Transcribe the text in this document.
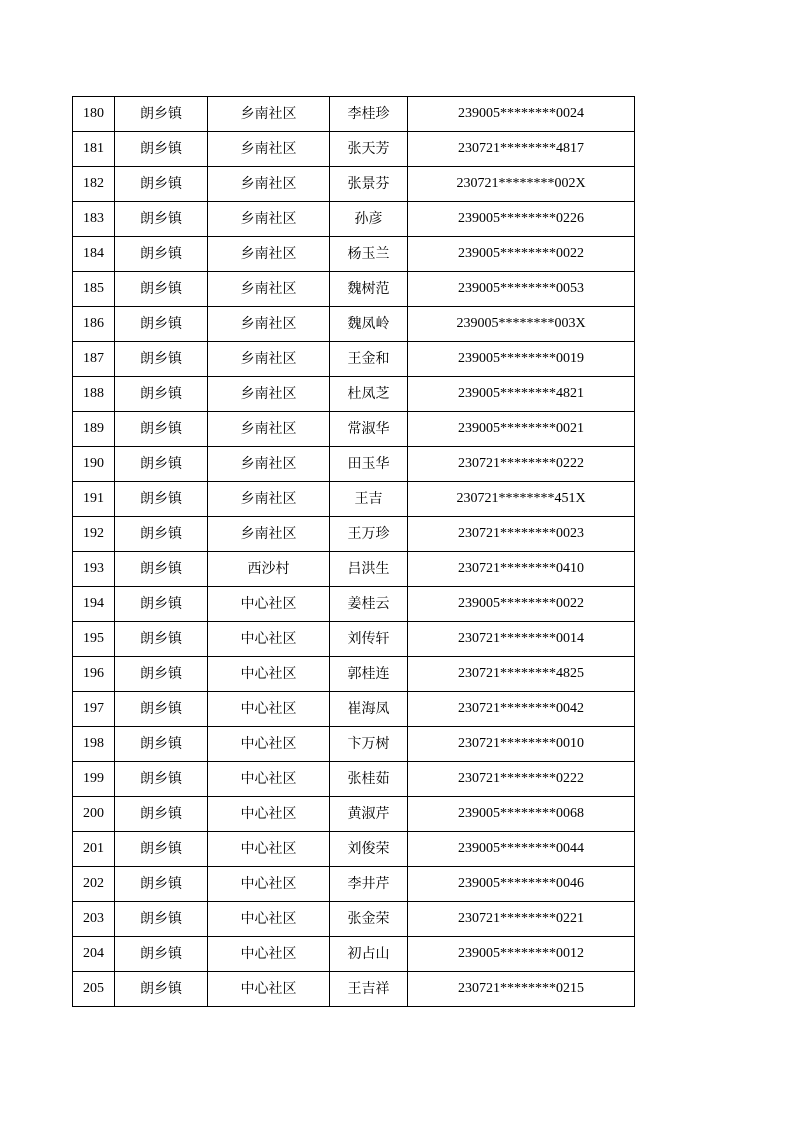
180	朗乡镇	乡南社区	李桂珍	239005********0024
181	朗乡镇	乡南社区	张天芳	230721********4817
182	朗乡镇	乡南社区	张景芬	230721********002X
183	朗乡镇	乡南社区	孙彦	239005********0226
184	朗乡镇	乡南社区	杨玉兰	239005********0022
185	朗乡镇	乡南社区	魏树范	239005********0053
186	朗乡镇	乡南社区	魏凤岭	239005********003X
187	朗乡镇	乡南社区	王金和	239005********0019
188	朗乡镇	乡南社区	杜凤芝	239005********4821
189	朗乡镇	乡南社区	常淑华	239005********0021
190	朗乡镇	乡南社区	田玉华	230721********0222
191	朗乡镇	乡南社区	王吉	230721********451X
192	朗乡镇	乡南社区	王万珍	230721********0023
193	朗乡镇	西沙村	吕洪生	230721********0410
194	朗乡镇	中心社区	姜桂云	239005********0022
195	朗乡镇	中心社区	刘传轩	230721********0014
196	朗乡镇	中心社区	郭桂连	230721********4825
197	朗乡镇	中心社区	崔海凤	230721********0042
198	朗乡镇	中心社区	卞万树	230721********0010
199	朗乡镇	中心社区	张桂茹	230721********0222
200	朗乡镇	中心社区	黄淑芹	239005********0068
201	朗乡镇	中心社区	刘俊荣	239005********0044
202	朗乡镇	中心社区	李井芹	239005********0046
203	朗乡镇	中心社区	张金荣	230721********0221
204	朗乡镇	中心社区	初占山	239005********0012
205	朗乡镇	中心社区	王吉祥	230721********0215
